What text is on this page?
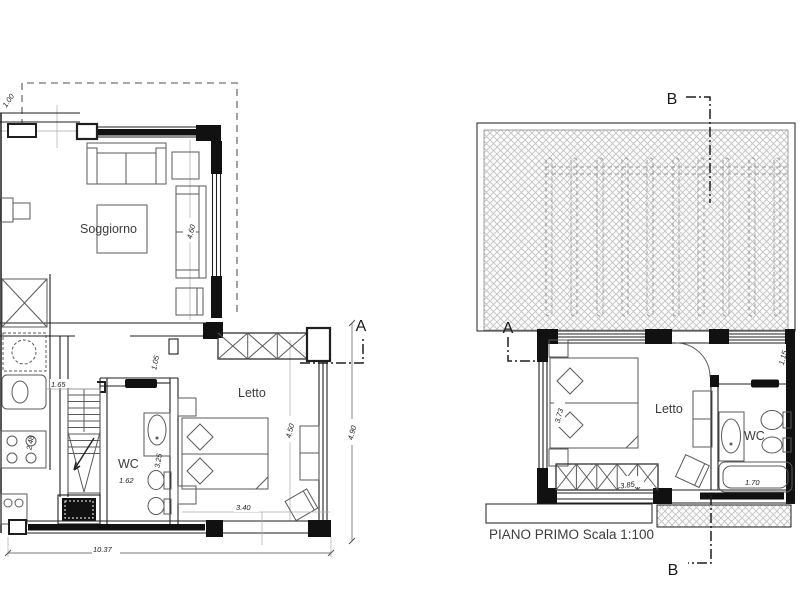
Soggiorno
WC
Letto
1.00
4.60
1.65
2.48
1.05
1.62
3.25
4.50
3.40
10.37
4.90
A
B
A
Letto
WC
3.73
3.85	1.70
1.15
B
PIANO PRIMO Scala 1:100
